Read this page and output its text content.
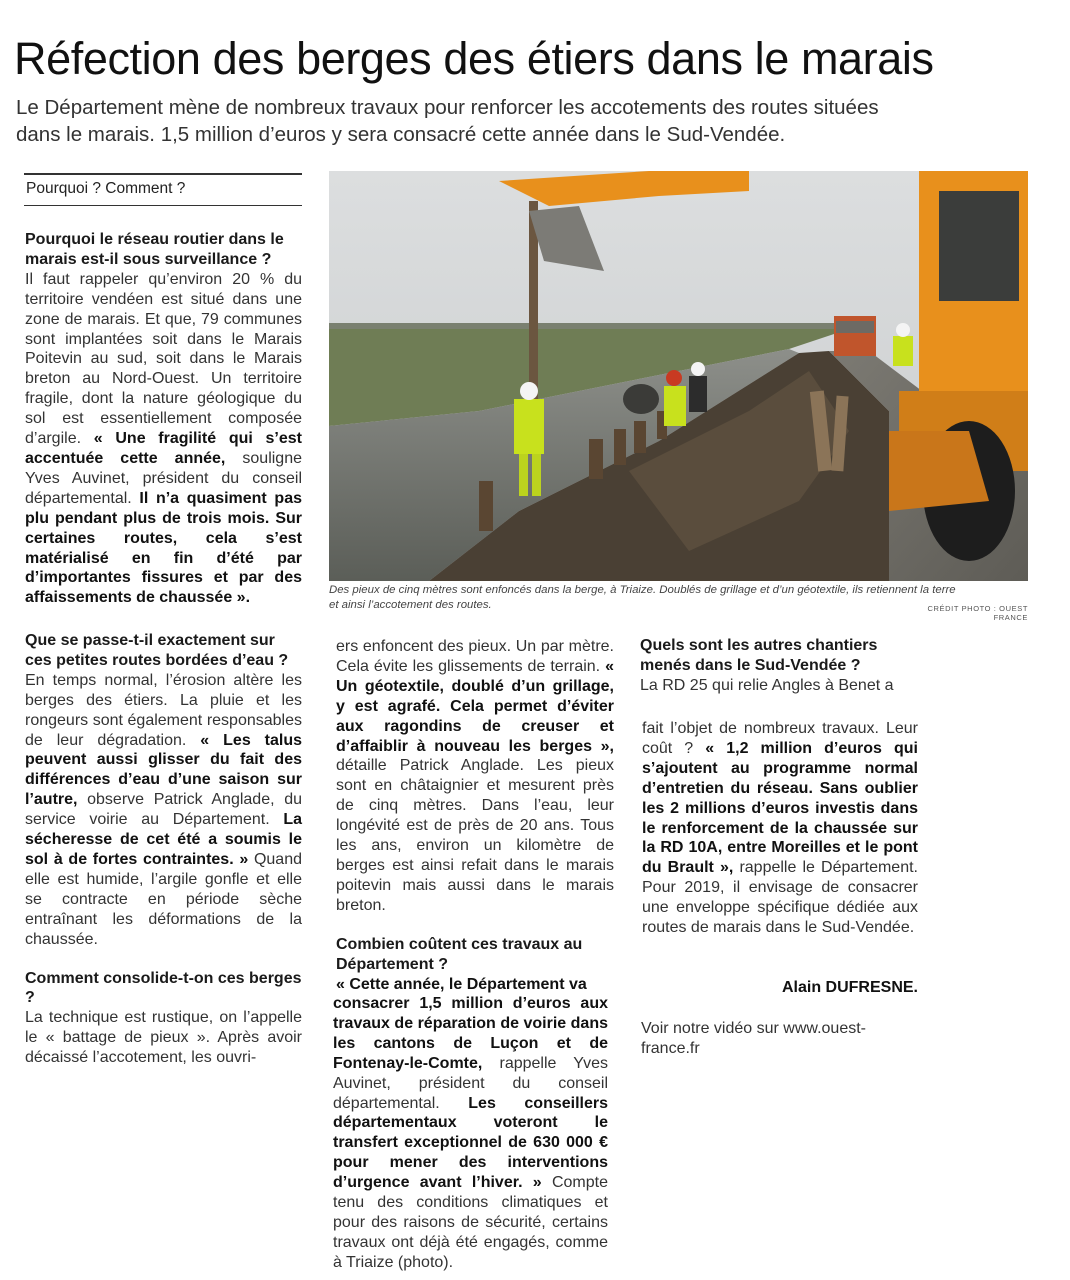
Réfection des berges des étiers dans le marais
Le Département mène de nombreux travaux pour renforcer les accotements des routes situées
dans le marais. 1,5 million d’euros y sera consacré cette année dans le Sud-Vendée.
Pourquoi ? Comment ?

Pourquoi le réseau routier dans le marais est-il sous surveillance ?

Il faut rappeler qu’environ 20 % du territoire vendéen est situé dans une zone de marais. Et que, 79 communes sont implantées soit dans le Marais Poitevin au sud, soit dans le Marais breton au Nord-Ouest. Un territoire fragile, dont la nature géologique du sol est essentiellement composée d’argile. « Une fragilité qui s’est accentuée cette année, souligne Yves Auvinet, président du conseil départemental. Il n’a quasiment pas plu pendant plus de trois mois. Sur certaines routes, cela s’est matérialisé en fin d’été par d’importantes fissures et par des affaissements de chaussée ».

Que se passe-t-il exactement sur ces petites routes bordées d’eau ?

En temps normal, l’érosion altère les berges des étiers. La pluie et les rongeurs sont également responsables de leur dégradation. « Les talus peuvent aussi glisser du fait des différences d’eau d’une saison sur l’autre, observe Patrick Anglade, du service voirie au Département. La sécheresse de cet été a soumis le sol à de fortes contraintes. » Quand elle est humide, l’argile gonfle et elle se contracte en période sèche entraînant les déformations de la chaussée.

Comment consolide-t-on ces berges ?

La technique est rustique, on l’appelle le « battage de pieux ». Après avoir décaissé l’accotement, les ouvri-

ers enfoncent des pieux. Un par mètre. Cela évite les glissements de terrain. « Un géotextile, doublé d’un grillage, y est agrafé. Cela permet d’éviter aux ragondins de creuser et d’affaiblir à nouveau les berges », détaille Patrick Anglade. Les pieux sont en châtaignier et mesurent près de cinq mètres. Dans l’eau, leur longévité est de près de 20 ans. Tous les ans, environ un kilomètre de berges est ainsi refait dans le marais poitevin mais aussi dans le marais breton.

Combien coûtent ces travaux au Département ?

« Cette année, le Département va

consacrer 1,5 million d’euros aux travaux de réparation de voirie dans les cantons de Luçon et de Fontenay-le-Comte, rappelle Yves Auvinet, président du conseil départemental. Les conseillers départementaux voteront le transfert exceptionnel de 630 000 € pour mener des interventions d’urgence avant l’hiver. » Compte tenu des conditions climatiques et pour des raisons de sécurité, certains travaux ont déjà été engagés, comme à Triaize (photo).

Quels sont les autres chantiers menés dans le Sud-Vendée ?

La RD 25 qui relie Angles à Benet a

fait l’objet de nombreux travaux. Leur coût ? « 1,2 million d’euros qui s’ajoutent au programme normal d’entretien du réseau. Sans oublier les 2 millions d’euros investis dans le renforcement de la chaussée sur la RD 10A, entre Moreilles et le pont du Brault », rappelle le Département. Pour 2019, il envisage de consacrer une enveloppe spécifique dédiée aux routes de marais dans le Sud-Vendée.

Alain DUFRESNE.
Voir notre vidéo sur www.ouest-france.fr
Des pieux de cinq mètres sont enfoncés dans la berge, à Triaize. Doublés de grillage et d’un géotextile, ils retiennent la terre
et ainsi l’accotement des routes.	CRÉDIT PHOTO : OUEST FRANCE
